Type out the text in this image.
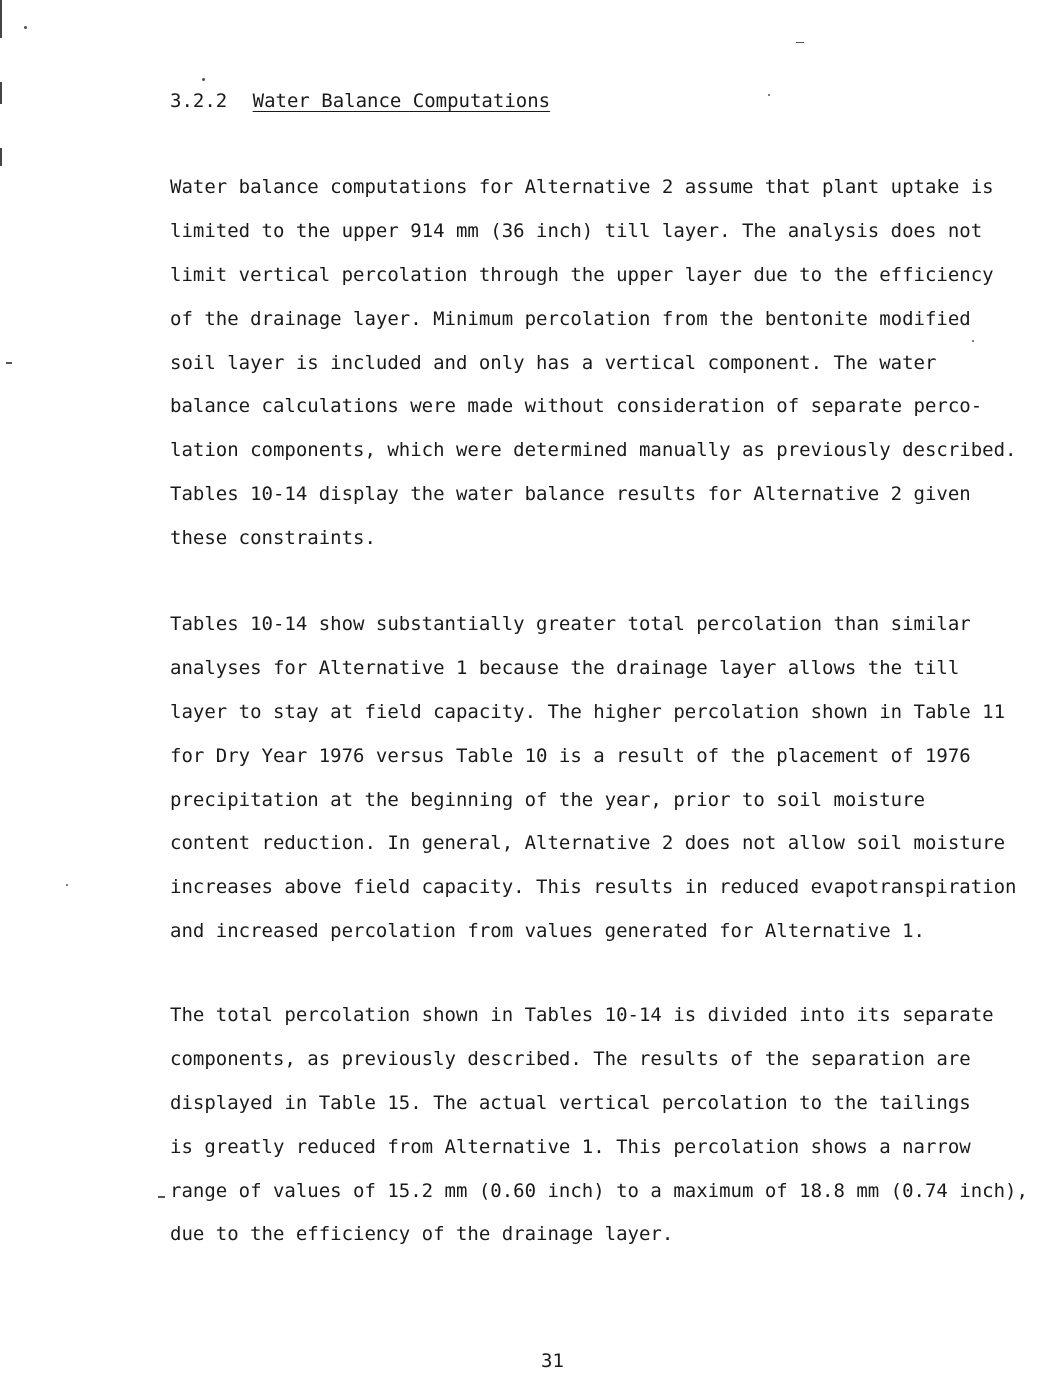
3.2.2 Water Balance Computations
Water balance computations for Alternative 2 assume that plant uptake is
limited to the upper 914 mm (36 inch) till layer. The analysis does not
limit vertical percolation through the upper layer due to the efficiency
of the drainage layer. Minimum percolation from the bentonite modified
soil layer is included and only has a vertical component. The water
balance calculations were made without consideration of separate perco-
lation components, which were determined manually as previously described.
Tables 10-14 display the water balance results for Alternative 2 given
these constraints.
Tables 10-14 show substantially greater total percolation than similar
analyses for Alternative 1 because the drainage layer allows the till
layer to stay at field capacity. The higher percolation shown in Table 11
for Dry Year 1976 versus Table 10 is a result of the placement of 1976
precipitation at the beginning of the year, prior to soil moisture
content reduction. In general, Alternative 2 does not allow soil moisture
increases above field capacity. This results in reduced evapotranspiration
and increased percolation from values generated for Alternative 1.
The total percolation shown in Tables 10-14 is divided into its separate
components, as previously described. The results of the separation are
displayed in Table 15. The actual vertical percolation to the tailings
is greatly reduced from Alternative 1. This percolation shows a narrow
range of values of 15.2 mm (0.60 inch) to a maximum of 18.8 mm (0.74 inch),
due to the efficiency of the drainage layer.
31
